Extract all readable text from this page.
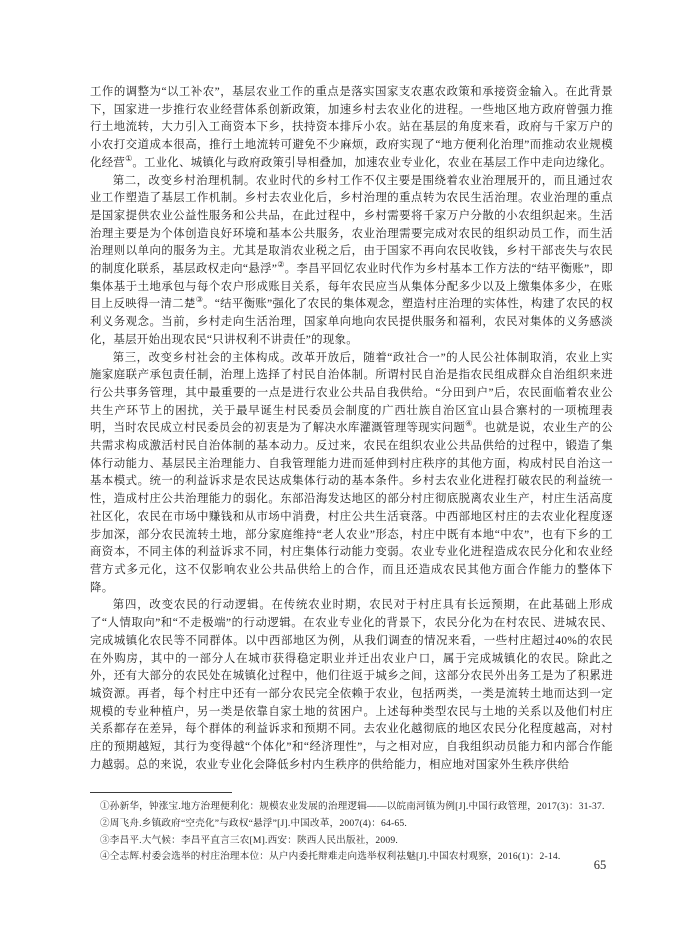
工作的调整为“以工补农”，基层农业工作的重点是落实国家支农惠农政策和承接资金输入。在此背景下，国家进一步推行农业经营体系创新政策，加速乡村去农业化的进程。一些地区地方政府曾强力推行土地流转，大力引入工商资本下乡，扶持资本排斥小农。站在基层的角度来看，政府与千家万户的小农打交道成本很高，推行土地流转可避免不少麻烦，政府实现了“地方便利化治理”而推动农业规模化经营①。工业化、城镇化与政府政策引导相叠加，加速农业专业化，农业在基层工作中走向边缘化。

第二，改变乡村治理机制。农业时代的乡村工作不仅主要是围绕着农业治理展开的，而且通过农业工作塑造了基层工作机制。乡村去农业化后，乡村治理的重点转为农民生活治理。农业治理的重点是国家提供农业公益性服务和公共品，在此过程中，乡村需要将千家万户分散的小农组织起来。生活治理主要是为个体创造良好环境和基本公共服务，农业治理需要完成对农民的组织动员工作，而生活治理则以单向的服务为主。尤其是取消农业税之后，由于国家不再向农民收钱，乡村干部丧失与农民的制度化联系，基层政权走向“悬浮”②。李昌平回忆农业时代作为乡村基本工作方法的“结平衡账”，即集体基于土地承包与每个农户形成账目关系，每年农民应当从集体分配多少以及上缴集体多少，在账目上反映得一清二楚③。“结平衡账”强化了农民的集体观念，塑造村庄治理的实体性，构建了农民的权利义务观念。当前，乡村走向生活治理，国家单向地向农民提供服务和福利，农民对集体的义务感淡化，基层开始出现农民“只讲权利不讲责任”的现象。

第三，改变乡村社会的主体构成。改革开放后，随着“政社合一”的人民公社体制取消，农业上实施家庭联产承包责任制，治理上选择了村民自治体制。所谓村民自治是指农民组成群众自治组织来进行公共事务管理，其中最重要的一点是进行农业公共品自我供给。“分田到户”后，农民面临着农业公共生产环节上的困扰，关于最早诞生村民委员会制度的广西壮族自治区宜山县合寨村的一项梳理表明，当时农民成立村民委员会的初衷是为了解决水库灌溉管理等现实问题④。也就是说，农业生产的公共需求构成激活村民自治体制的基本动力。反过来，农民在组织农业公共品供给的过程中，锻造了集体行动能力、基层民主治理能力、自我管理能力进而延伸到村庄秩序的其他方面，构成村民自治这一基本模式。统一的利益诉求是农民达成集体行动的基本条件。乡村去农业化进程打破农民的利益统一性，造成村庄公共治理能力的弱化。东部沿海发达地区的部分村庄彻底脱离农业生产，村庄生活高度社区化，农民在市场中赚钱和从市场中消费，村庄公共生活衰落。中西部地区村庄的去农业化程度逐步加深，部分农民流转土地，部分家庭维持“老人农业”形态，村庄中既有本地“中农”，也有下乡的工商资本，不同主体的利益诉求不同，村庄集体行动能力变弱。农业专业化进程造成农民分化和农业经营方式多元化，这不仅影响农业公共品供给上的合作，而且还造成农民其他方面合作能力的整体下降。

第四，改变农民的行动逻辑。在传统农业时期，农民对于村庄具有长远预期，在此基础上形成了“人情取向”和“不走极端”的行动逻辑。在农业专业化的背景下，农民分化为在村农民、进城农民、完成城镇化农民等不同群体。以中西部地区为例，从我们调查的情况来看，一些村庄超过40%的农民在外购房，其中的一部分人在城市获得稳定职业并迁出农业户口，属于完成城镇化的农民。除此之外，还有大部分的农民处在城镇化过程中，他们往返于城乡之间，这部分农民外出务工是为了积累进城资源。再者，每个村庄中还有一部分农民完全依赖于农业，包括两类，一类是流转土地而达到一定规模的专业种植户，另一类是依靠自家土地的贫困户。上述每种类型农民与土地的关系以及他们村庄关系都存在差异，每个群体的利益诉求和预期不同。去农业化越彻底的地区农民分化程度越高，对村庄的预期越短，其行为变得越“个体化”和“经济理性”，与之相对应，自我组织动员能力和内部合作能力越弱。总的来说，农业专业化会降低乡村内生秩序的供给能力，相应地对国家外生秩序供给

①孙新华，钟涨宝.地方治理便利化：规模农业发展的治理逻辑——以皖南河镇为例[J].中国行政管理，2017(3)：31-37.

②周飞舟.乡镇政府“空壳化”与政权“悬浮”[J].中国改革，2007(4)：64-65.

③李昌平.大气候：李昌平直言三农[M].西安：陕西人民出版社，2009.

④仝志辉.村委会选举的村庄治理本位：从户内委托辩难走向选举权利祛魅[J].中国农村观察，2016(1)：2-14.

65
